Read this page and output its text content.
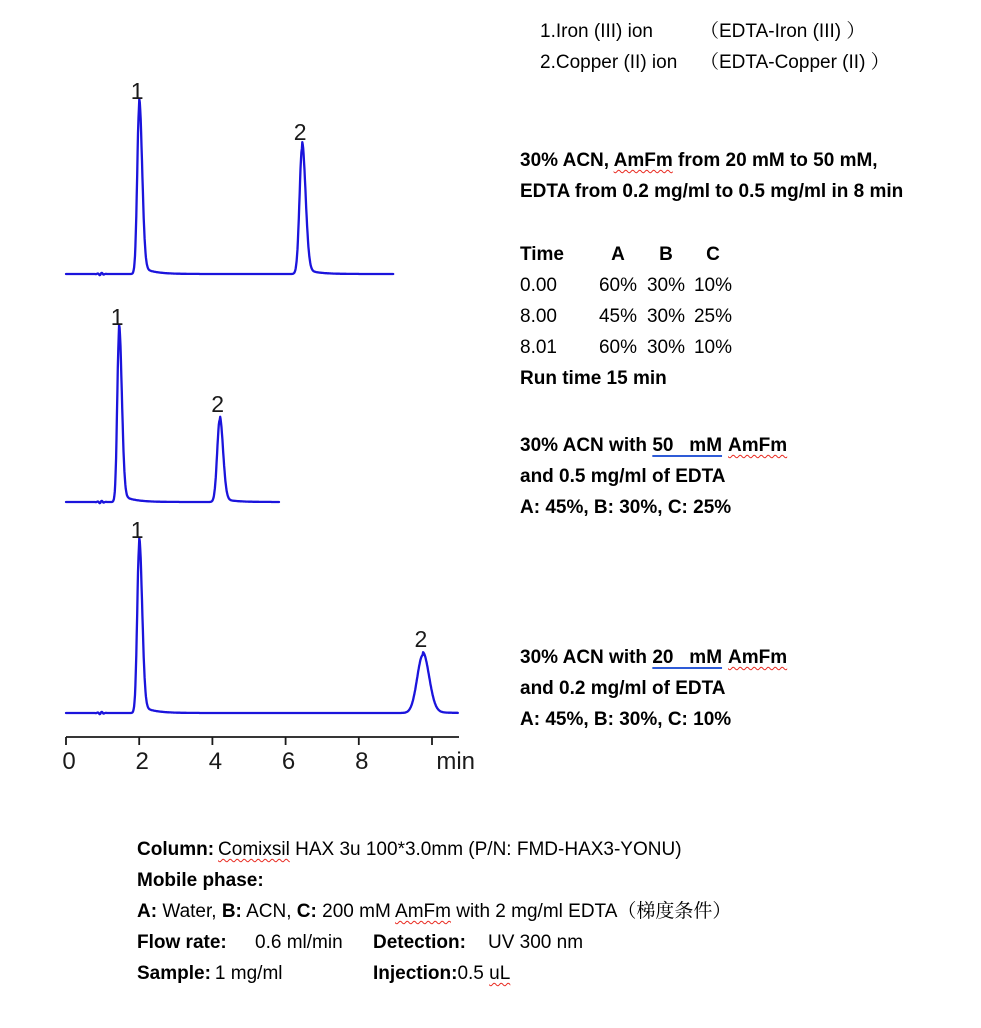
1
2
1
2
1
2
0 2 4 6 8	min
1.Iron (III) ion （EDTA-Iron (III) ）
2.Copper (II) ion （EDTA-Copper (II) ）
30% ACN, AmFm from 20 mM to 50 mM,
EDTA from 0.2 mg/ml to 0.5 mg/ml in 8 min
Time	A	B	C
0.00	60% 30% 10%
8.00	45% 30% 25%
8.01	60% 30% 10%
Run time 15 min
30% ACN with 50   mM AmFm
and 0.5 mg/ml of EDTA
A: 45%, B: 30%, C: 25%
30% ACN with 20   mM AmFm
and 0.2 mg/ml of EDTA
A: 45%, B: 30%, C: 10%
Column: Comixsil HAX 3u 100*3.0mm (P/N: FMD-HAX3-YONU)
Mobile phase:
A: Water, B: ACN, C: 200 mM AmFm with 2 mg/ml EDTA（梯度条件）
Flow rate: 0.6 ml/min Detection: UV 300 nm
Sample: 1 mg/ml	Injection:0.5 uL
